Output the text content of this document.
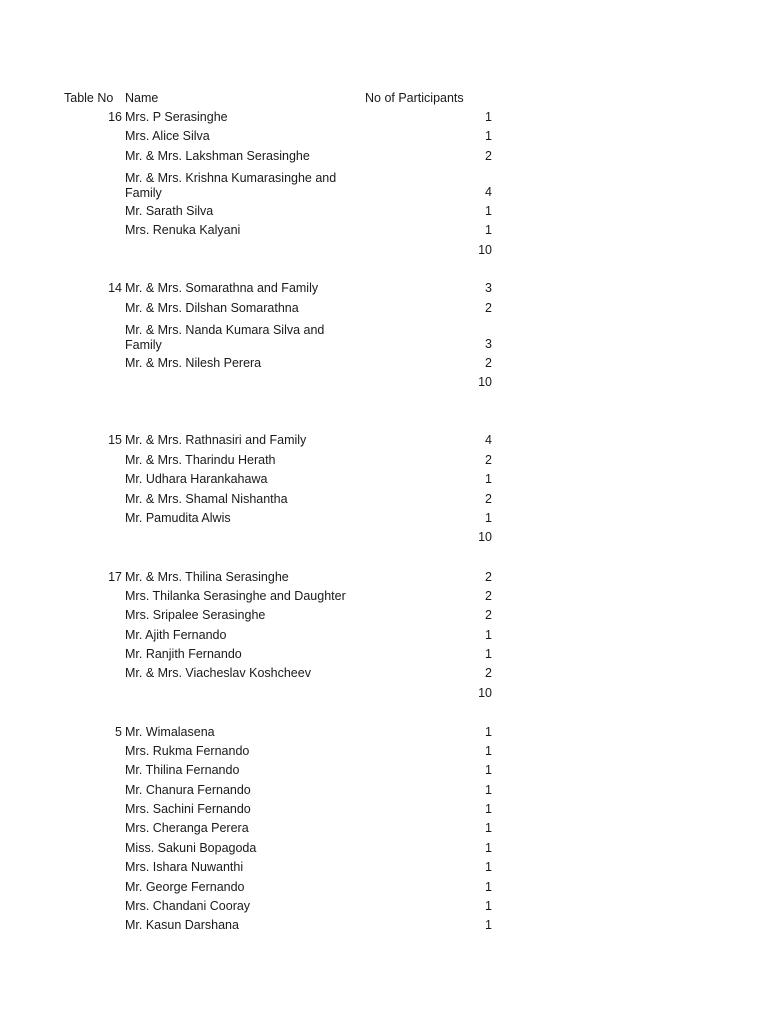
Table No Name	No of Participants
16 Mrs. P Serasinghe	1
Mrs. Alice Silva	1
Mr. & Mrs. Lakshman Serasinghe	2
Mr. & Mrs. Krishna Kumarasinghe and Family	4
Mr. Sarath Silva	1
Mrs. Renuka Kalyani	1
10
14 Mr. & Mrs. Somarathna and Family	3
Mr. & Mrs. Dilshan Somarathna	2
Mr. & Mrs. Nanda Kumara Silva and Family	3
Mr. & Mrs. Nilesh Perera	2
10
15 Mr. & Mrs. Rathnasiri and Family	4
Mr. & Mrs. Tharindu Herath	2
Mr. Udhara Harankahawa	1
Mr. & Mrs. Shamal Nishantha	2
Mr. Pamudita Alwis	1
10
17 Mr. & Mrs. Thilina Serasinghe	2
Mrs. Thilanka Serasinghe and Daughter	2
Mrs. Sripalee Serasinghe	2
Mr. Ajith Fernando	1
Mr. Ranjith Fernando	1
Mr. & Mrs. Viacheslav Koshcheev	2
10
5 Mr. Wimalasena	1
Mrs. Rukma Fernando	1
Mr. Thilina Fernando	1
Mr. Chanura Fernando	1
Mrs. Sachini Fernando	1
Mrs. Cheranga Perera	1
Miss. Sakuni Bopagoda	1
Mrs. Ishara Nuwanthi	1
Mr. George Fernando	1
Mrs. Chandani Cooray	1
Mr. Kasun Darshana	1
